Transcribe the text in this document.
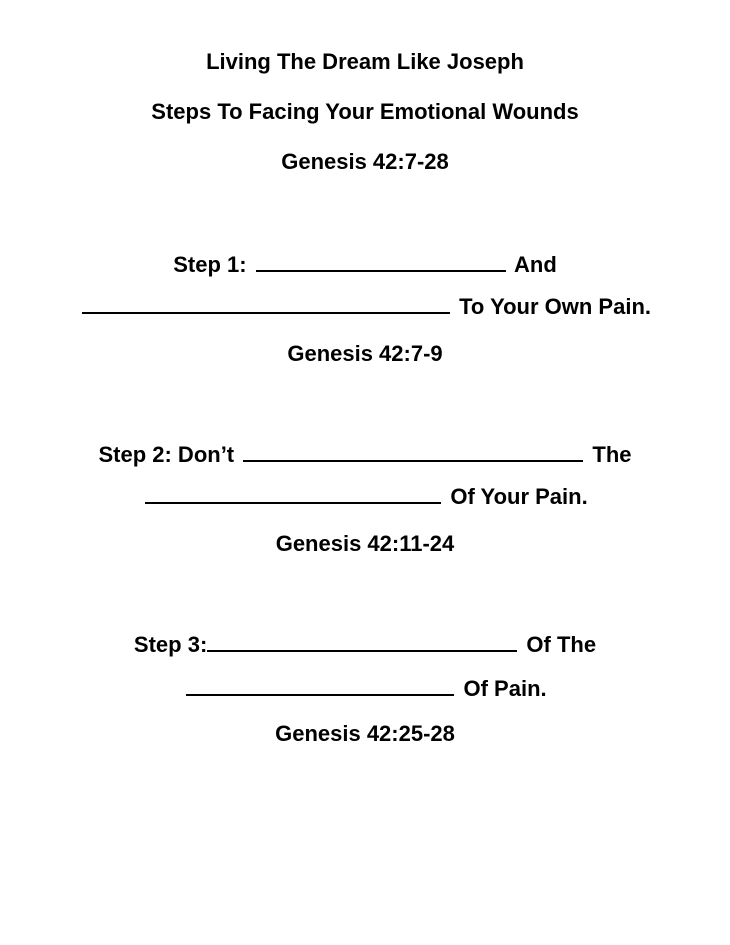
Living The Dream Like Joseph
Steps To Facing Your Emotional Wounds
Genesis 42:7-28
Step 1:	And
To Your Own Pain.
Genesis 42:7-9
Step 2: Don’t	The
Of Your Pain.
Genesis 42:11-24
Step 3:	Of The
Of Pain.
Genesis 42:25-28
